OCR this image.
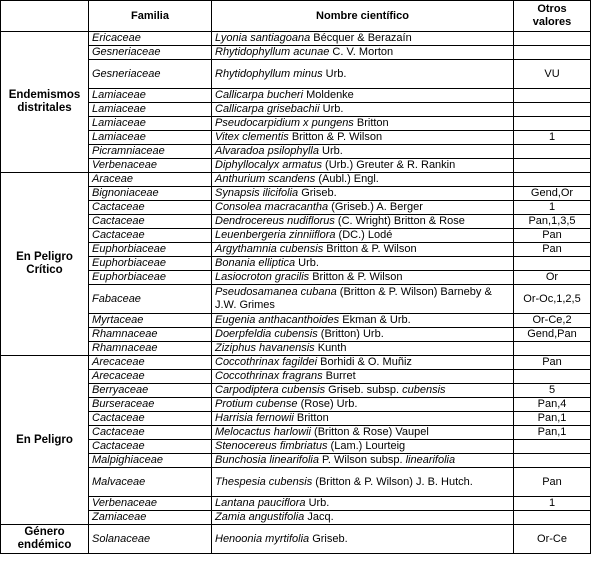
	Familia	Nombre científico	Otros valores
Endemismos distritales	Ericaceae	Lyonia santiagoana Bécquer & Berazaín	
	Gesneriaceae	Rhytidophyllum acunae C. V. Morton	
	Gesneriaceae	Rhytidophyllum minus Urb.	VU
	Lamiaceae	Callicarpa bucheri Moldenke	
	Lamiaceae	Callicarpa grisebachii Urb.	
	Lamiaceae	Pseudocarpidium x pungens Britton	
	Lamiaceae	Vitex clementis Britton & P. Wilson	1
	Picramniaceae	Alvaradoa psilophylla Urb.	
	Verbenaceae	Diphyllocalyx armatus (Urb.) Greuter & R. Rankin	
En Peligro Crítico	Araceae	Anthurium scandens (Aubl.) Engl.	
	Bignoniaceae	Synapsis ilicifolia Griseb.	Gend,Or
	Cactaceae	Consolea macracantha (Griseb.) A. Berger	1
	Cactaceae	Dendrocereus nudiflorus (C. Wright) Britton & Rose	Pan,1,3,5
	Cactaceae	Leuenbergeria zinniiflora (DC.) Lodé	Pan
	Euphorbiaceae	Argythamnia cubensis Britton & P. Wilson	Pan
	Euphorbiaceae	Bonania elliptica Urb.	
	Euphorbiaceae	Lasiocroton gracilis Britton & P. Wilson	Or
	Fabaceae	Pseudosamanea cubana (Britton & P. Wilson) Barneby & J.W. Grimes	Or-Oc,1,2,5
	Myrtaceae	Eugenia anthacanthoides Ekman & Urb.	Or-Ce,2
	Rhamnaceae	Doerpfeldia cubensis (Britton) Urb.	Gend,Pan
	Rhamnaceae	Ziziphus havanensis Kunth	
En Peligro	Arecaceae	Coccothrinax fagildei Borhidi & O. Muñiz	Pan
	Arecaceae	Coccothrinax fragrans Burret	
	Berryaceae	Carpodiptera cubensis Griseb. subsp. cubensis	5
	Burseraceae	Protium cubense (Rose) Urb.	Pan,4
	Cactaceae	Harrisia fernowii Britton	Pan,1
	Cactaceae	Melocactus harlowii (Britton & Rose) Vaupel	Pan,1
	Cactaceae	Stenocereus fimbriatus (Lam.) Lourteig	
	Malpighiaceae	Bunchosia linearifolia P. Wilson subsp. linearifolia	
	Malvaceae	Thespesia cubensis (Britton & P. Wilson) J. B. Hutch.	Pan
	Verbenaceae	Lantana pauciflora Urb.	1
	Zamiaceae	Zamia angustifolia Jacq.	
Género endémico	Solanaceae	Henoonia myrtifolia Griseb.	Or-Ce
